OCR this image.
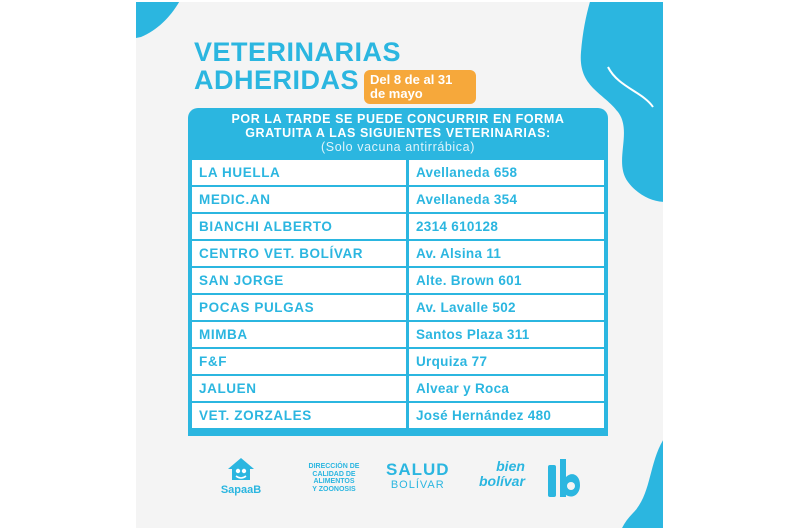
VETERINARIAS
ADHERIDAS Del 8 de al 31
de mayo
POR LA TARDE SE PUEDE CONCURRIR EN FORMA
GRATUITA A LAS SIGUIENTES VETERINARIAS:
(Solo vacuna antirrábica)
LA HUELLA	Avellaneda 658
MEDIC.AN	Avellaneda 354
BIANCHI ALBERTO	2314 610128
CENTRO VET. BOLÍVAR	Av. Alsina 11
SAN JORGE	Alte. Brown 601
POCAS PULGAS	Av. Lavalle 502
MIMBA	Santos Plaza 311
F&F	Urquiza 77
JALUEN	Alvear y Roca
VET. ZORZALES	José Hernández 480
SapaaB
DIRECCIÓN DE
CALIDAD DE
ALIMENTOS
Y ZOONOSIS
SALUD
BOLÍVAR
bien
bolívar
